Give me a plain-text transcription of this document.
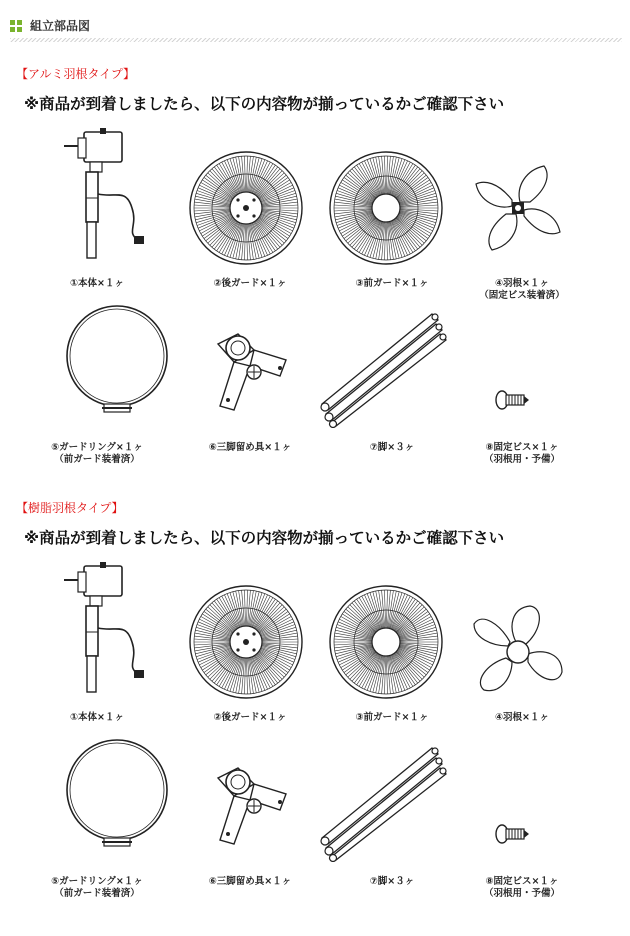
組立部品図
【アルミ羽根タイプ】
※商品が到着しましたら、以下の内容物が揃っているかご確認下さい
①本体×１ヶ	②後ガード×１ヶ	③前ガード×１ヶ	④羽根×１ヶ
（固定ビス装着済）
⑤ガードリング×１ヶ
（前ガード装着済）
⑥三脚留め具×１ヶ	⑦脚×３ヶ	⑧固定ビス×１ヶ
（羽根用・予備）
【樹脂羽根タイプ】
※商品が到着しましたら、以下の内容物が揃っているかご確認下さい
①本体×１ヶ	②後ガード×１ヶ	③前ガード×１ヶ	④羽根×１ヶ
⑤ガードリング×１ヶ
（前ガード装着済）
⑥三脚留め具×１ヶ	⑦脚×３ヶ	⑧固定ビス×１ヶ
（羽根用・予備）
